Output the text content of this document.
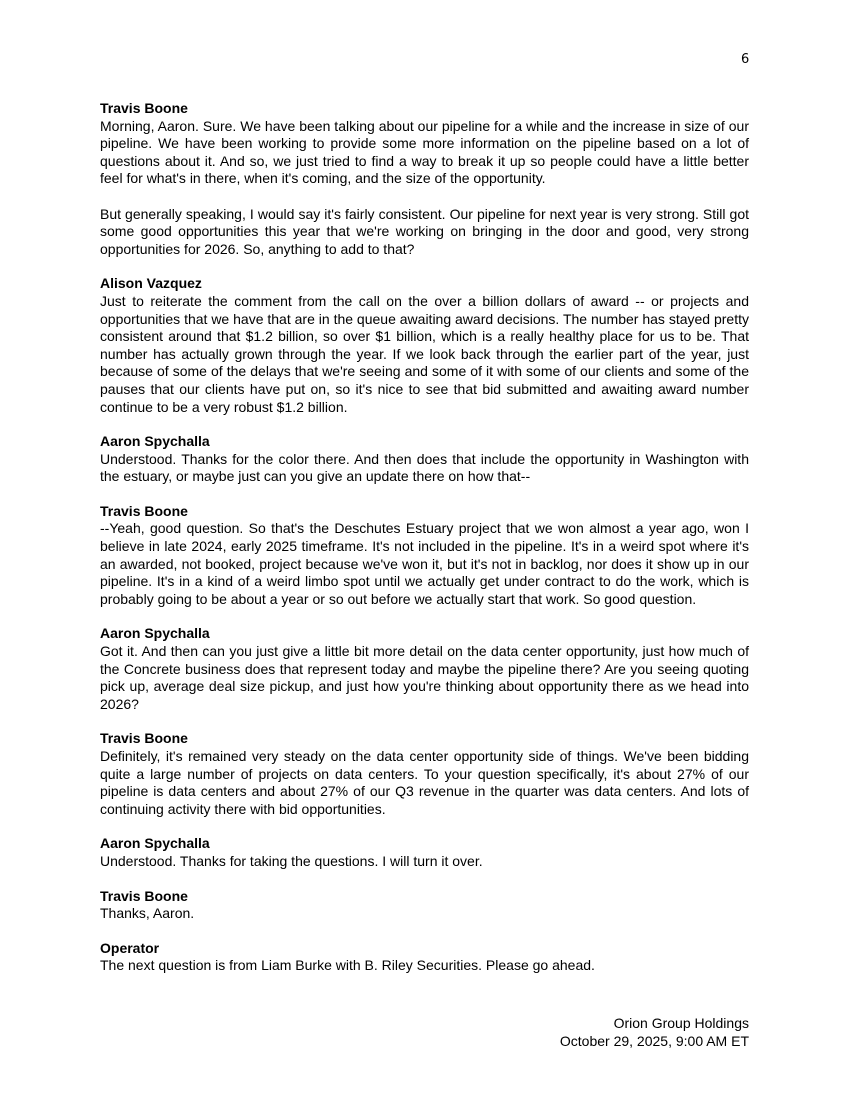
6
Travis Boone

Morning, Aaron. Sure. We have been talking about our pipeline for a while and the increase in size of our pipeline. We have been working to provide some more information on the pipeline based on a lot of questions about it. And so, we just tried to find a way to break it up so people could have a little better feel for what's in there, when it's coming, and the size of the opportunity.

But generally speaking, I would say it's fairly consistent. Our pipeline for next year is very strong. Still got some good opportunities this year that we're working on bringing in the door and good, very strong opportunities for 2026. So, anything to add to that?

Alison Vazquez

Just to reiterate the comment from the call on the over a billion dollars of award -- or projects and opportunities that we have that are in the queue awaiting award decisions. The number has stayed pretty consistent around that $1.2 billion, so over $1 billion, which is a really healthy place for us to be. That number has actually grown through the year. If we look back through the earlier part of the year, just because of some of the delays that we're seeing and some of it with some of our clients and some of the pauses that our clients have put on, so it's nice to see that bid submitted and awaiting award number continue to be a very robust $1.2 billion.

Aaron Spychalla

Understood. Thanks for the color there. And then does that include the opportunity in Washington with the estuary, or maybe just can you give an update there on how that--

Travis Boone

--Yeah, good question. So that's the Deschutes Estuary project that we won almost a year ago, won I believe in late 2024, early 2025 timeframe. It's not included in the pipeline. It's in a weird spot where it's an awarded, not booked, project because we've won it, but it's not in backlog, nor does it show up in our pipeline. It's in a kind of a weird limbo spot until we actually get under contract to do the work, which is probably going to be about a year or so out before we actually start that work. So good question.

Aaron Spychalla

Got it. And then can you just give a little bit more detail on the data center opportunity, just how much of the Concrete business does that represent today and maybe the pipeline there? Are you seeing quoting pick up, average deal size pickup, and just how you're thinking about opportunity there as we head into 2026?

Travis Boone

Definitely, it's remained very steady on the data center opportunity side of things. We've been bidding quite a large number of projects on data centers. To your question specifically, it's about 27% of our pipeline is data centers and about 27% of our Q3 revenue in the quarter was data centers. And lots of continuing activity there with bid opportunities.

Aaron Spychalla

Understood. Thanks for taking the questions. I will turn it over.

Travis Boone

Thanks, Aaron.

Operator

The next question is from Liam Burke with B. Riley Securities. Please go ahead.

Orion Group Holdings
October 29, 2025, 9:00 AM ET
